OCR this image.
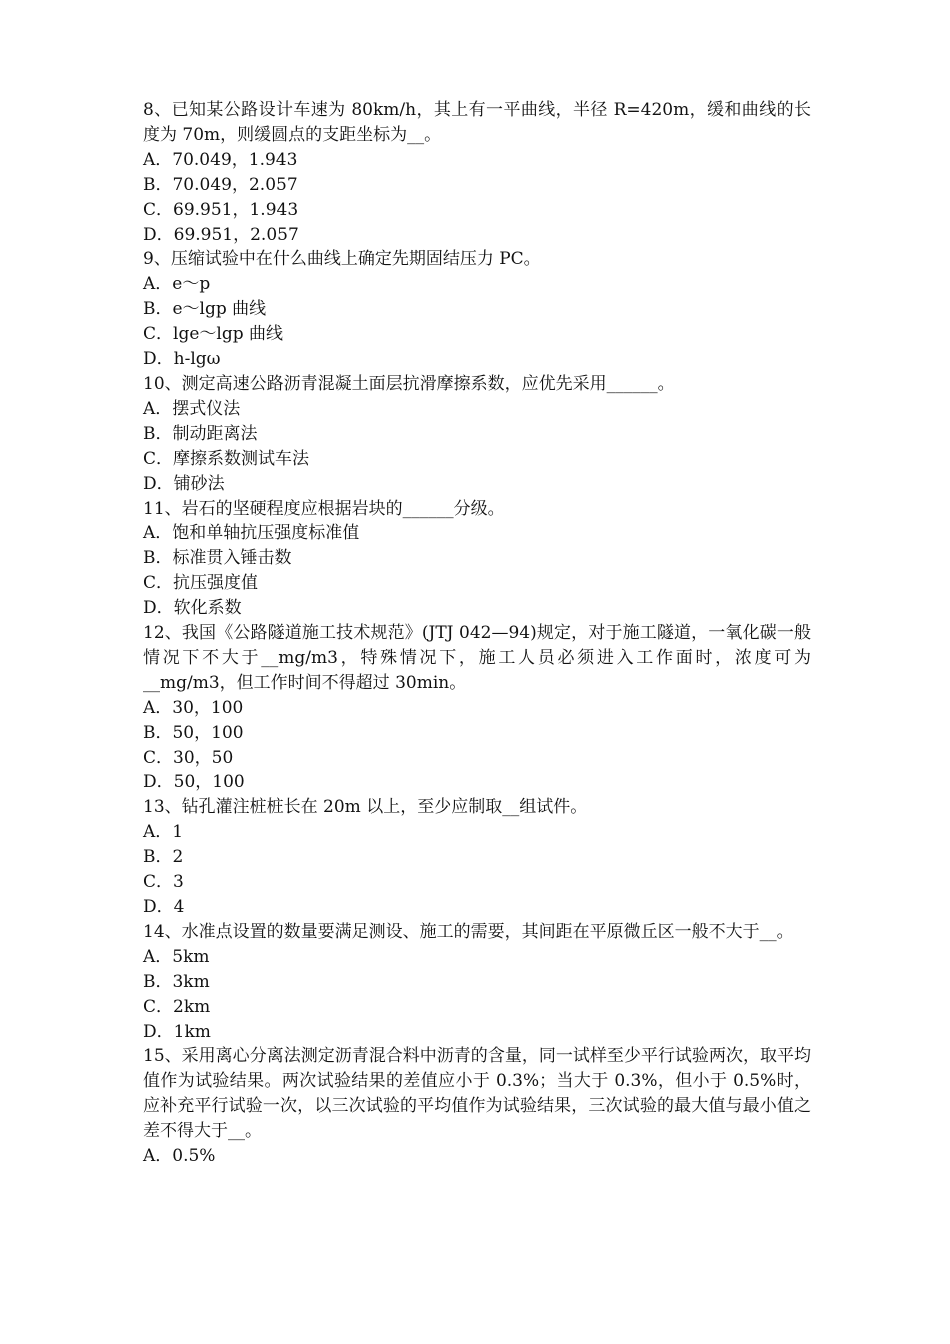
8、已知某公路设计车速为 80km/h，其上有一平曲线，半径 R=420m，缓和曲线的长度为 70m，则缓圆点的支距坐标为__。

A．70.049，1.943
B．70.049，2.057
C．69.951，1.943
D．69.951，2.057

9、压缩试验中在什么曲线上确定先期固结压力 PC。

A．e～p
B．e～lgp 曲线
C．lge～lgp 曲线
D．h-lgω

10、测定高速公路沥青混凝土面层抗滑摩擦系数，应优先采用______。

A．摆式仪法
B．制动距离法
C．摩擦系数测试车法
D．铺砂法

11、岩石的坚硬程度应根据岩块的______分级。

A．饱和单轴抗压强度标准值
B．标准贯入锤击数
C．抗压强度值
D．软化系数

12、我国《公路隧道施工技术规范》(JTJ 042—94)规定，对于施工隧道，一氧化碳一般情况下不大于__mg/m3，特殊情况下，施工人员必须进入工作面时，浓度可为__mg/m3，但工作时间不得超过 30min。

A．30，100
B．50，100
C．30，50
D．50，100

13、钻孔灌注桩桩长在 20m 以上，至少应制取__组试件。

A．1
B．2
C．3
D．4

14、水准点设置的数量要满足测设、施工的需要，其间距在平原微丘区一般不大于__。

A．5km
B．3km
C．2km
D．1km

15、采用离心分离法测定沥青混合料中沥青的含量，同一试样至少平行试验两次，取平均值作为试验结果。两次试验结果的差值应小于 0.3%；当大于 0.3%，但小于 0.5%时，应补充平行试验一次，以三次试验的平均值作为试验结果，三次试验的最大值与最小值之差不得大于__。

A．0.5%
